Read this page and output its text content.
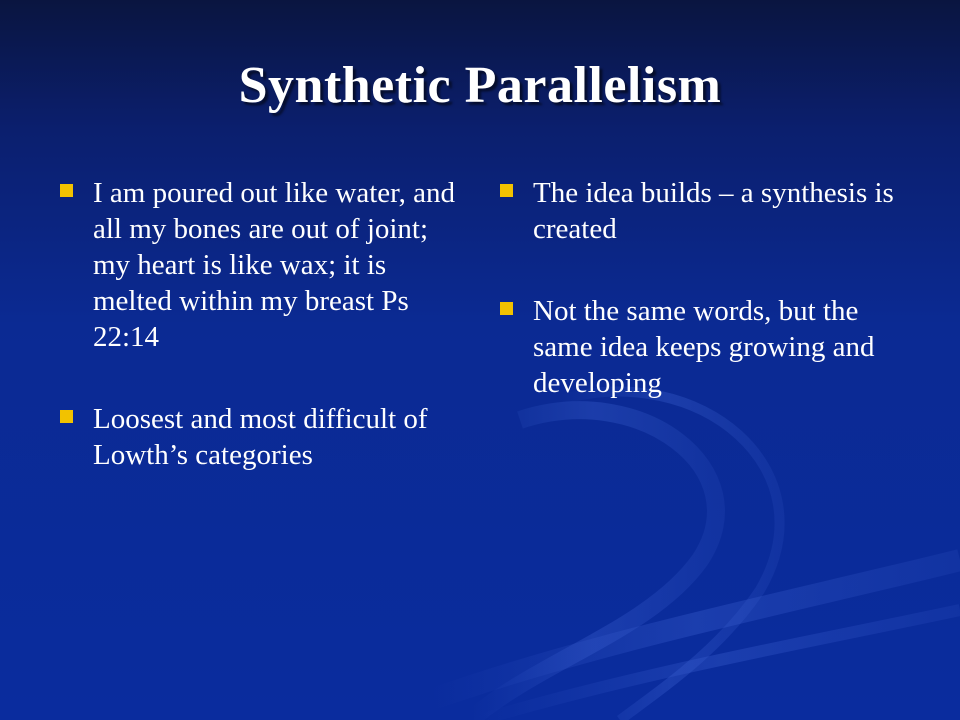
Synthetic Parallelism
I am poured out like water, and all my bones are out of joint; my heart is like wax; it is melted within my breast Ps 22:14
Loosest and most difficult of Lowth’s categories
The idea builds – a synthesis is created
Not the same words, but the same idea keeps growing and developing
